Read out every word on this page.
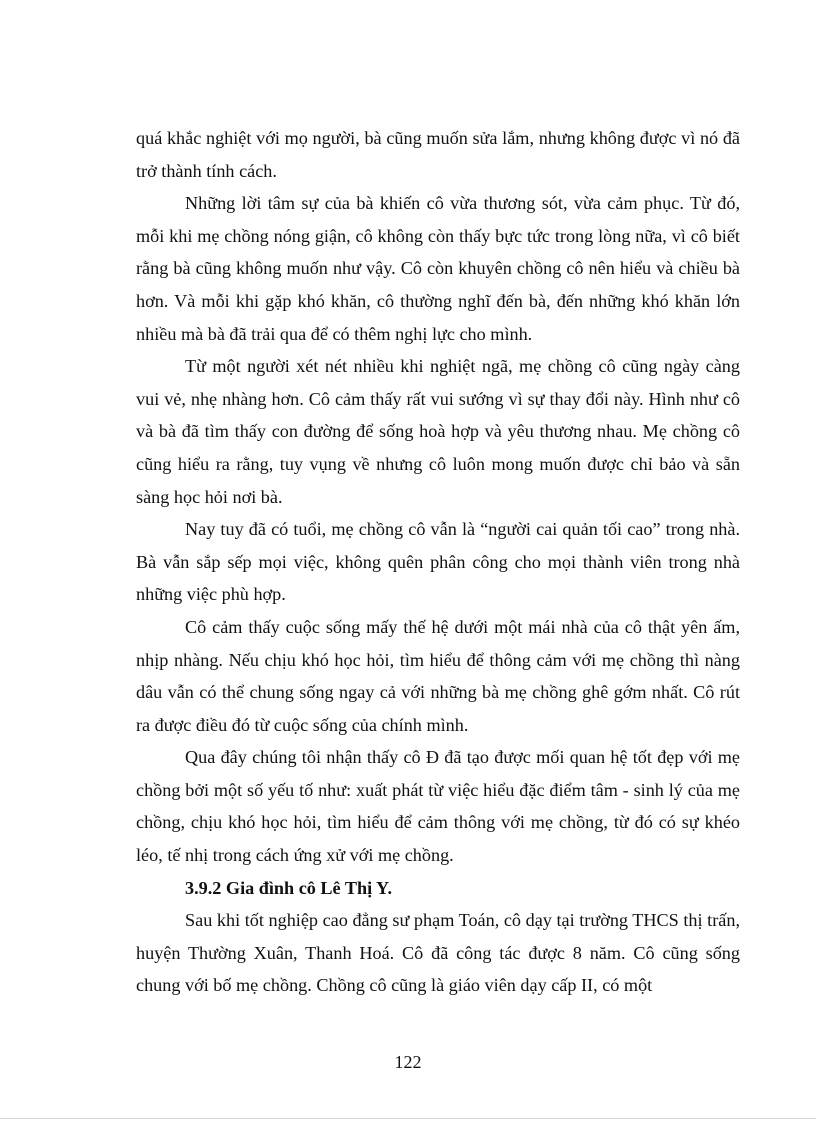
quá khắc nghiệt với mọ người, bà cũng muốn sửa lắm, nhưng không được vì nó đã trở thành tính cách.

Những lời tâm sự của bà khiến cô vừa thương sót, vừa cảm phục. Từ đó, mỗi khi mẹ chồng nóng giận, cô không còn thấy bực tức trong lòng nữa, vì cô biết rằng bà cũng không muốn như vậy. Cô còn khuyên chồng cô nên hiểu và chiều bà hơn. Và mỗi khi gặp khó khăn, cô thường nghĩ đến bà, đến những khó khăn lớn nhiều mà bà đã trải qua để có thêm nghị lực cho mình.

Từ một người xét nét nhiều khi nghiệt ngã, mẹ chồng cô cũng ngày càng vui vẻ, nhẹ nhàng hơn. Cô cảm thấy rất vui sướng vì sự thay đổi này. Hình như cô và bà đã tìm thấy con đường để sống hoà hợp và yêu thương nhau. Mẹ chồng cô cũng hiểu ra rằng, tuy vụng về nhưng cô luôn mong muốn được chỉ bảo và sẵn sàng học hỏi nơi bà.

Nay tuy đã có tuổi, mẹ chồng cô vẫn là “người cai quản tối cao” trong nhà. Bà vẫn sắp sếp mọi việc, không quên phân công cho mọi thành viên trong nhà những việc phù hợp.

Cô cảm thấy cuộc sống mấy thế hệ dưới một mái nhà của cô thật yên ấm, nhịp nhàng. Nếu chịu khó học hỏi, tìm hiểu để thông cảm với mẹ chồng thì nàng dâu vẫn có thể chung sống ngay cả với những bà mẹ chồng ghê gớm nhất. Cô rút ra được điều đó từ cuộc sống của chính mình.

Qua đây chúng tôi nhận thấy cô Đ đã tạo được mối quan hệ tốt đẹp với mẹ chồng bởi một số yếu tố như: xuất phát từ việc hiểu đặc điểm tâm - sinh lý của mẹ chồng, chịu khó học hỏi, tìm hiểu để cảm thông với mẹ chồng, từ đó có sự khéo léo, tế nhị trong cách ứng xử với mẹ chồng.

3.9.2 Gia đình cô Lê Thị Y.

Sau khi tốt nghiệp cao đẳng sư phạm Toán, cô dạy tại trường THCS thị trấn, huyện Thường Xuân, Thanh Hoá. Cô đã công tác được 8 năm. Cô cũng sống chung với bố mẹ chồng. Chồng cô cũng là giáo viên dạy cấp II, có một

122
